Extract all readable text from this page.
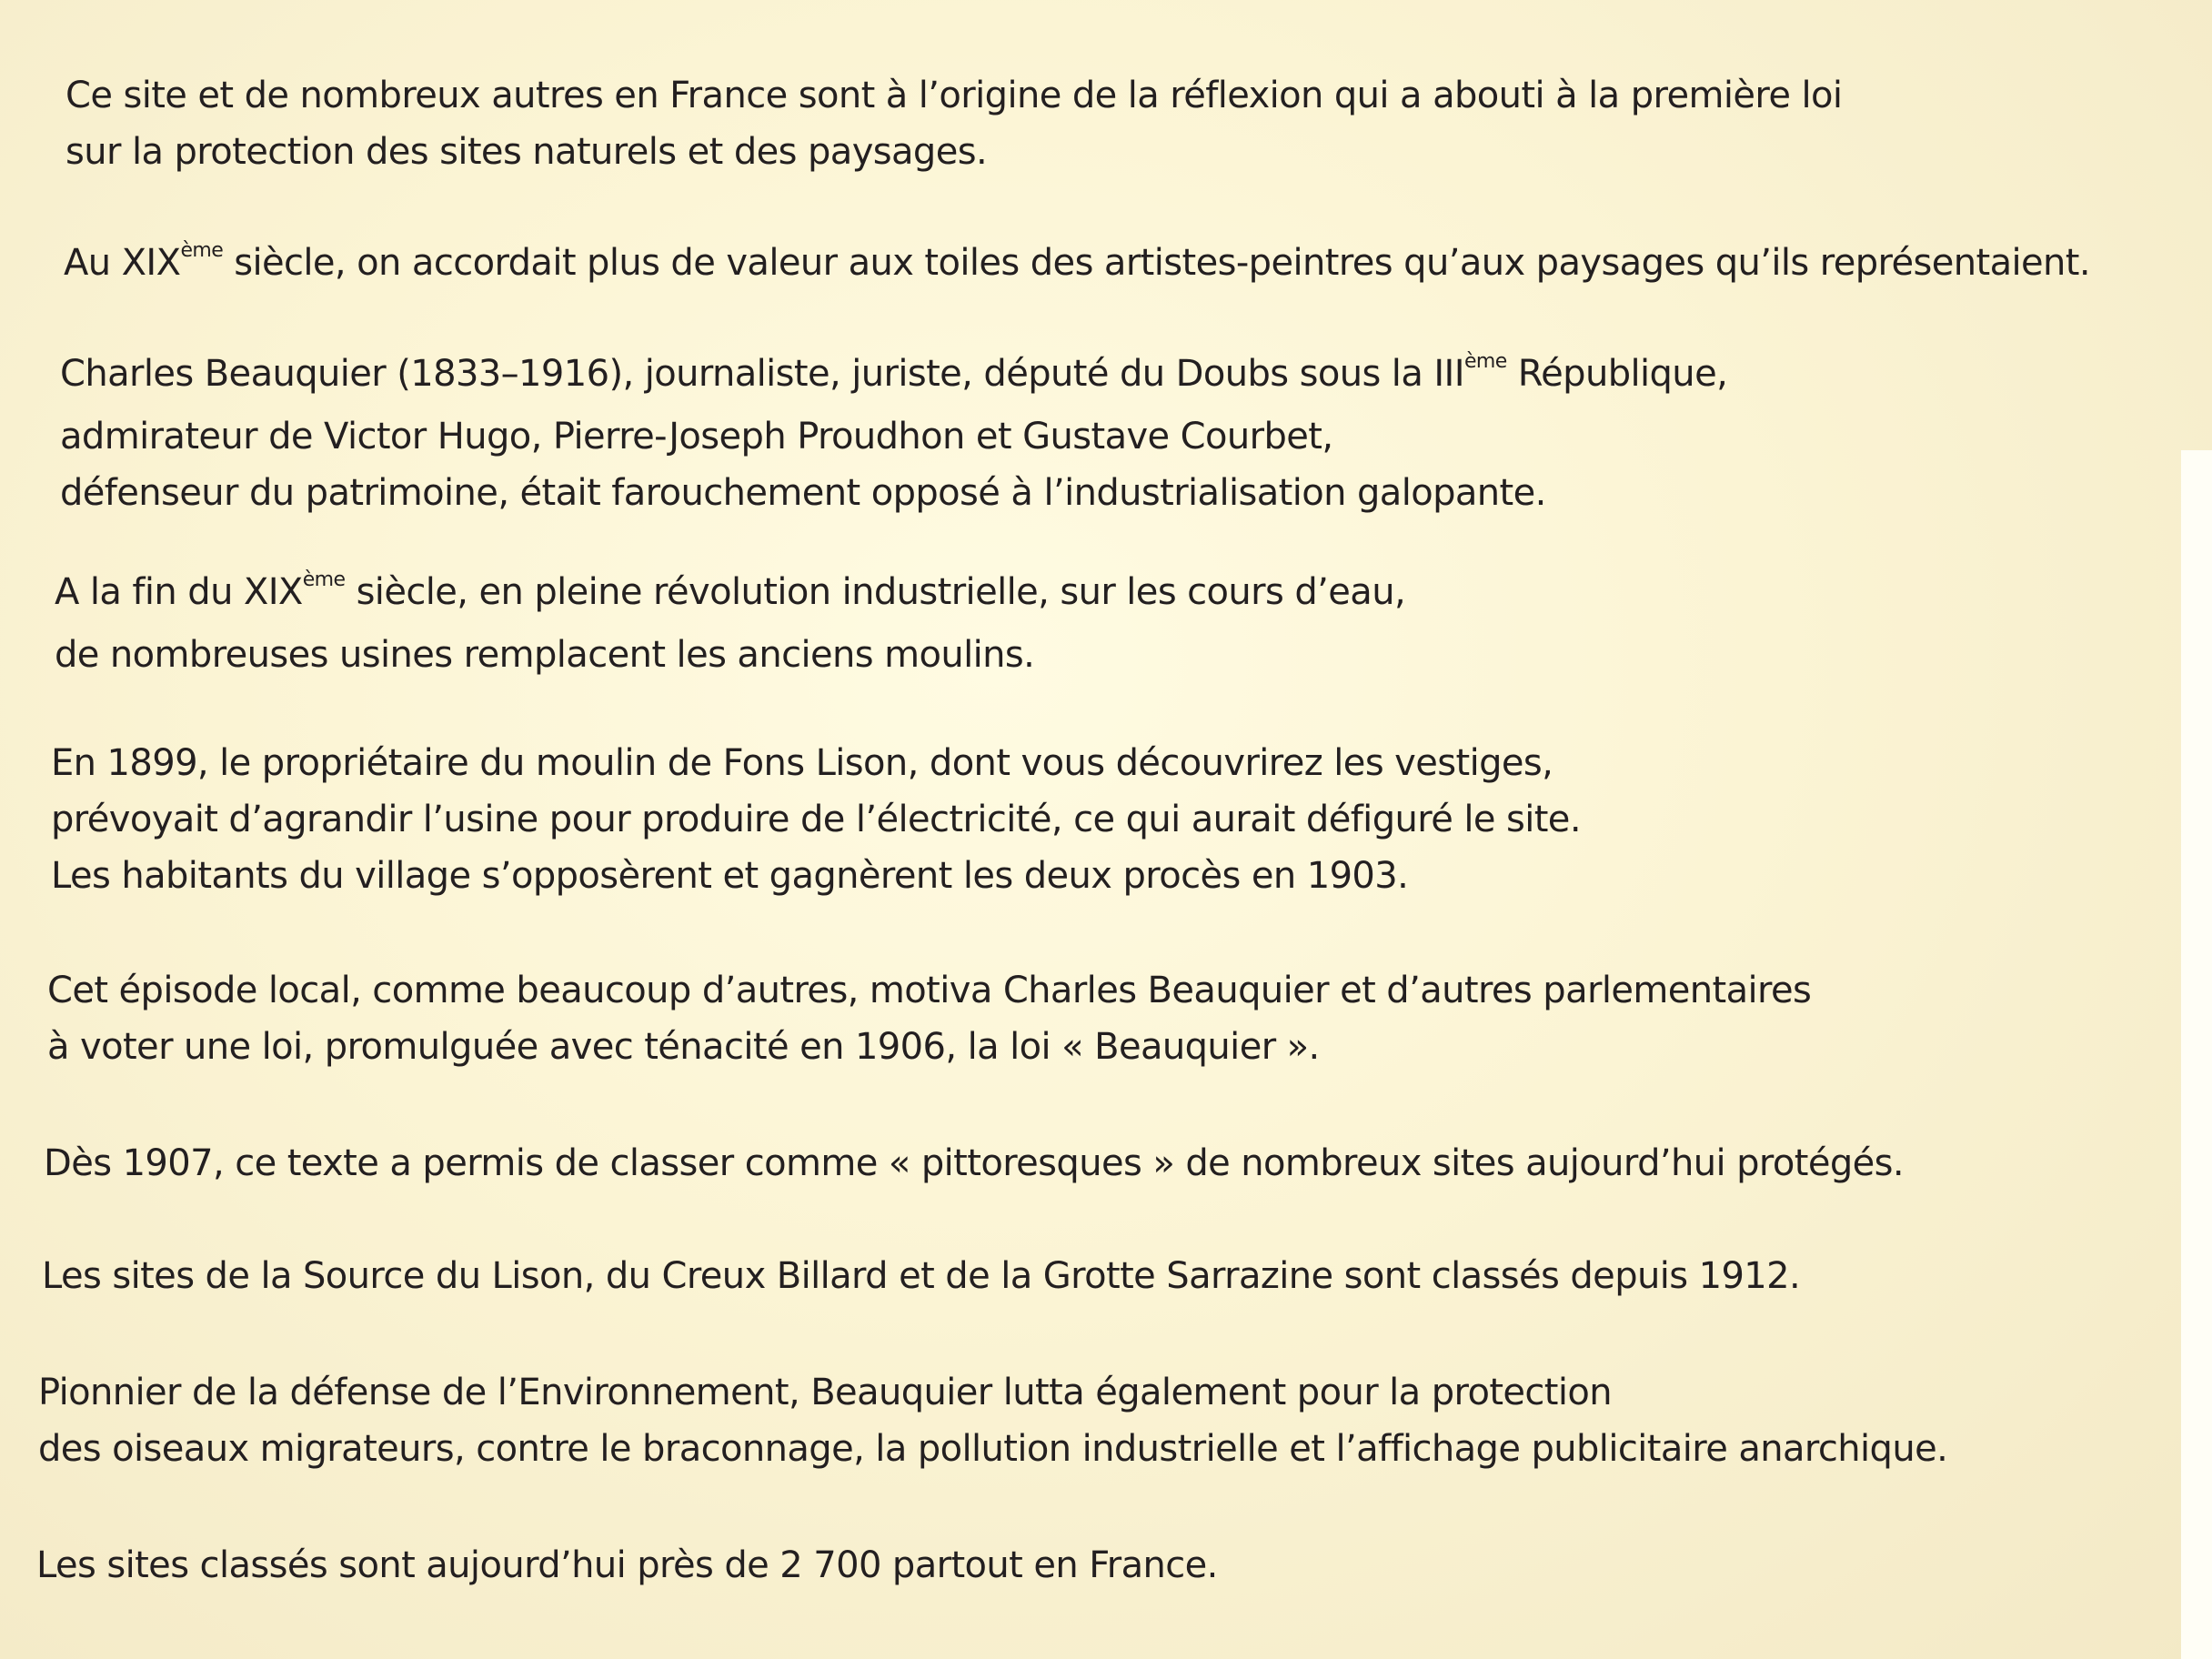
Ce site et de nombreux autres en France sont à l’origine de la réflexion qui a abouti à la première loi
sur la protection des sites naturels et des paysages.

Au XIXème siècle, on accordait plus de valeur aux toiles des artistes-peintres qu’aux paysages qu’ils représentaient.

Charles Beauquier (1833–1916), journaliste, juriste, député du Doubs sous la IIIème République,
admirateur de Victor Hugo, Pierre-Joseph Proudhon et Gustave Courbet,
défenseur du patrimoine, était farouchement opposé à l’industrialisation galopante.

A la fin du XIXème siècle, en pleine révolution industrielle, sur les cours d’eau,
de nombreuses usines remplacent les anciens moulins.

En 1899, le propriétaire du moulin de Fons Lison, dont vous découvrirez les vestiges,
prévoyait d’agrandir l’usine pour produire de l’électricité, ce qui aurait défiguré le site.
Les habitants du village s’opposèrent et gagnèrent les deux procès en 1903.

Cet épisode local, comme beaucoup d’autres, motiva Charles Beauquier et d’autres parlementaires
à voter une loi, promulguée avec ténacité en 1906, la loi « Beauquier ».

Dès 1907, ce texte a permis de classer comme « pittoresques » de nombreux sites aujourd’hui protégés.

Les sites de la Source du Lison, du Creux Billard et de la Grotte Sarrazine sont classés depuis 1912.

Pionnier de la défense de l’Environnement, Beauquier lutta également pour la protection
des oiseaux migrateurs, contre le braconnage, la pollution industrielle et l’affichage publicitaire anarchique.

Les sites classés sont aujourd’hui près de 2 700 partout en France.
